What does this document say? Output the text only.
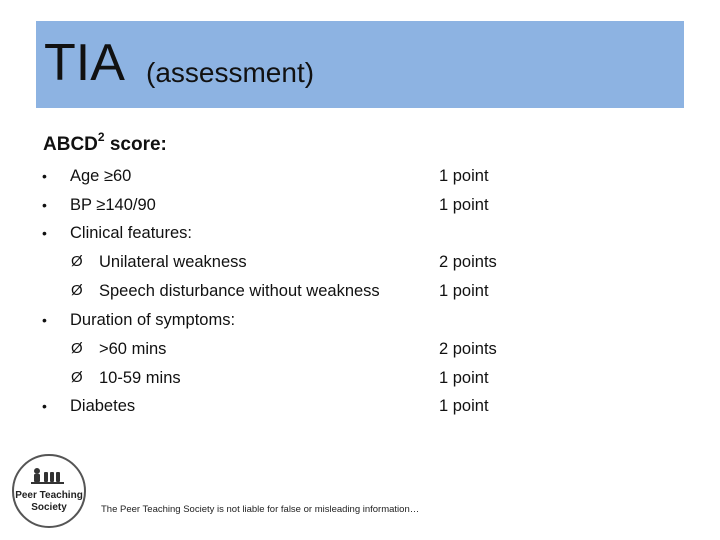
TIA (assessment)
ABCD$^2$ score:
• Age ≥60	1 point
• BP ≥140/90	1 point
• Clinical features:
Ø Unilateral weakness	2 points
Ø Speech disturbance without weakness	1 point
• Duration of symptoms:
Ø >60 mins	2 points
Ø 10-59 mins	1 point
• Diabetes	1 point
Peer Teaching
Society	The Peer Teaching Society is not liable for false or misleading information…
